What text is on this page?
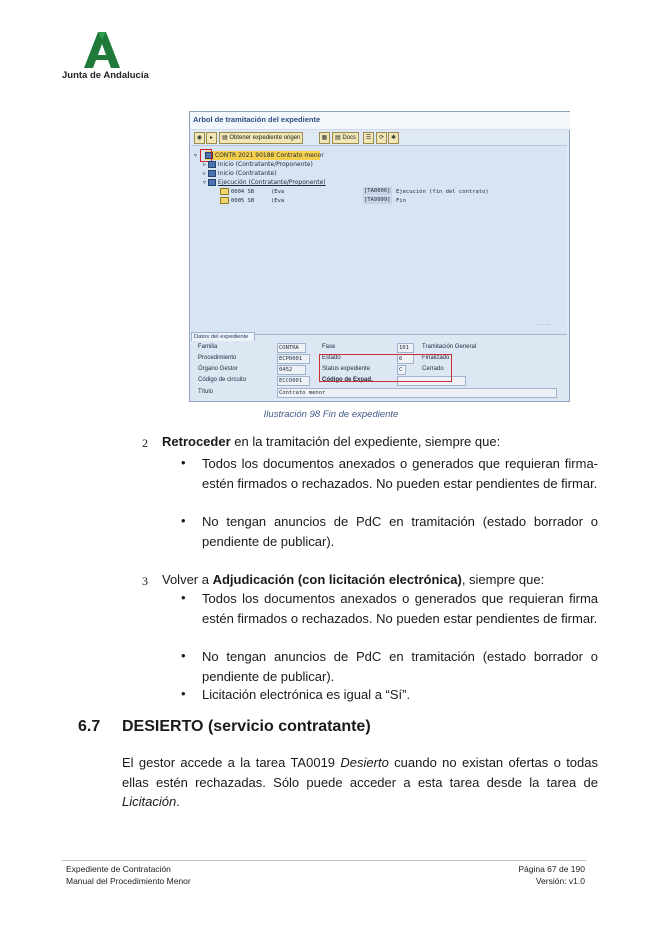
Junta de Andalucía
Arbol de tramitación del expediente
◉	▸	▤ Obtener expediente origen	▦	▤ Docs	☰	⟳	✱
▿	CONTR 2021 90188 Contrato menor
▹ Inicio (Contratante/Proponente)
▹ Inicio (Contratante)
▿ Ejecución (Contratante/Proponente)
0004 SB	(Eva	[TA0006] Ejecución (fin del contrato)
0005 SB	(Eva	[TA9999] Fin
.....
Datos del expediente
Familia	CONTRA
Procedimiento	ECP0001
Órgano Gestor	0452
Código de circuito	ECC0001
Título	Contrato menor
Fase	101	Tramitación General
Estado	6	Finalizado
Status expediente	C	Cerrado
Código de Expad.
Ilustración 98 Fin de expediente
2 Retroceder en la tramitación del expediente, siempre que:
• Todos los documentos anexados o generados que requieran firma-estén firmados o rechazados. No pueden estar pendientes de firmar.
• No tengan anuncios de PdC en tramitación (estado borrador o pendiente de publicar).
3 Volver a Adjudicación (con licitación electrónica), siempre que:
• Todos los documentos anexados o generados que requieran firma estén firmados o rechazados. No pueden estar pendientes de firmar.
• No tengan anuncios de PdC en tramitación (estado borrador o pendiente de publicar).
• Licitación electrónica es igual a “Sí”.
6.7 DESIERTO (servicio contratante)
El gestor accede a la tarea TA0019 Desierto cuando no existan ofertas o todas ellas estén rechazadas. Sólo puede acceder a esta tarea desde la tarea de Licitación.
Expediente de Contratación
Manual del Procedimiento Menor
Página 67 de 190
Versión: v1.0
